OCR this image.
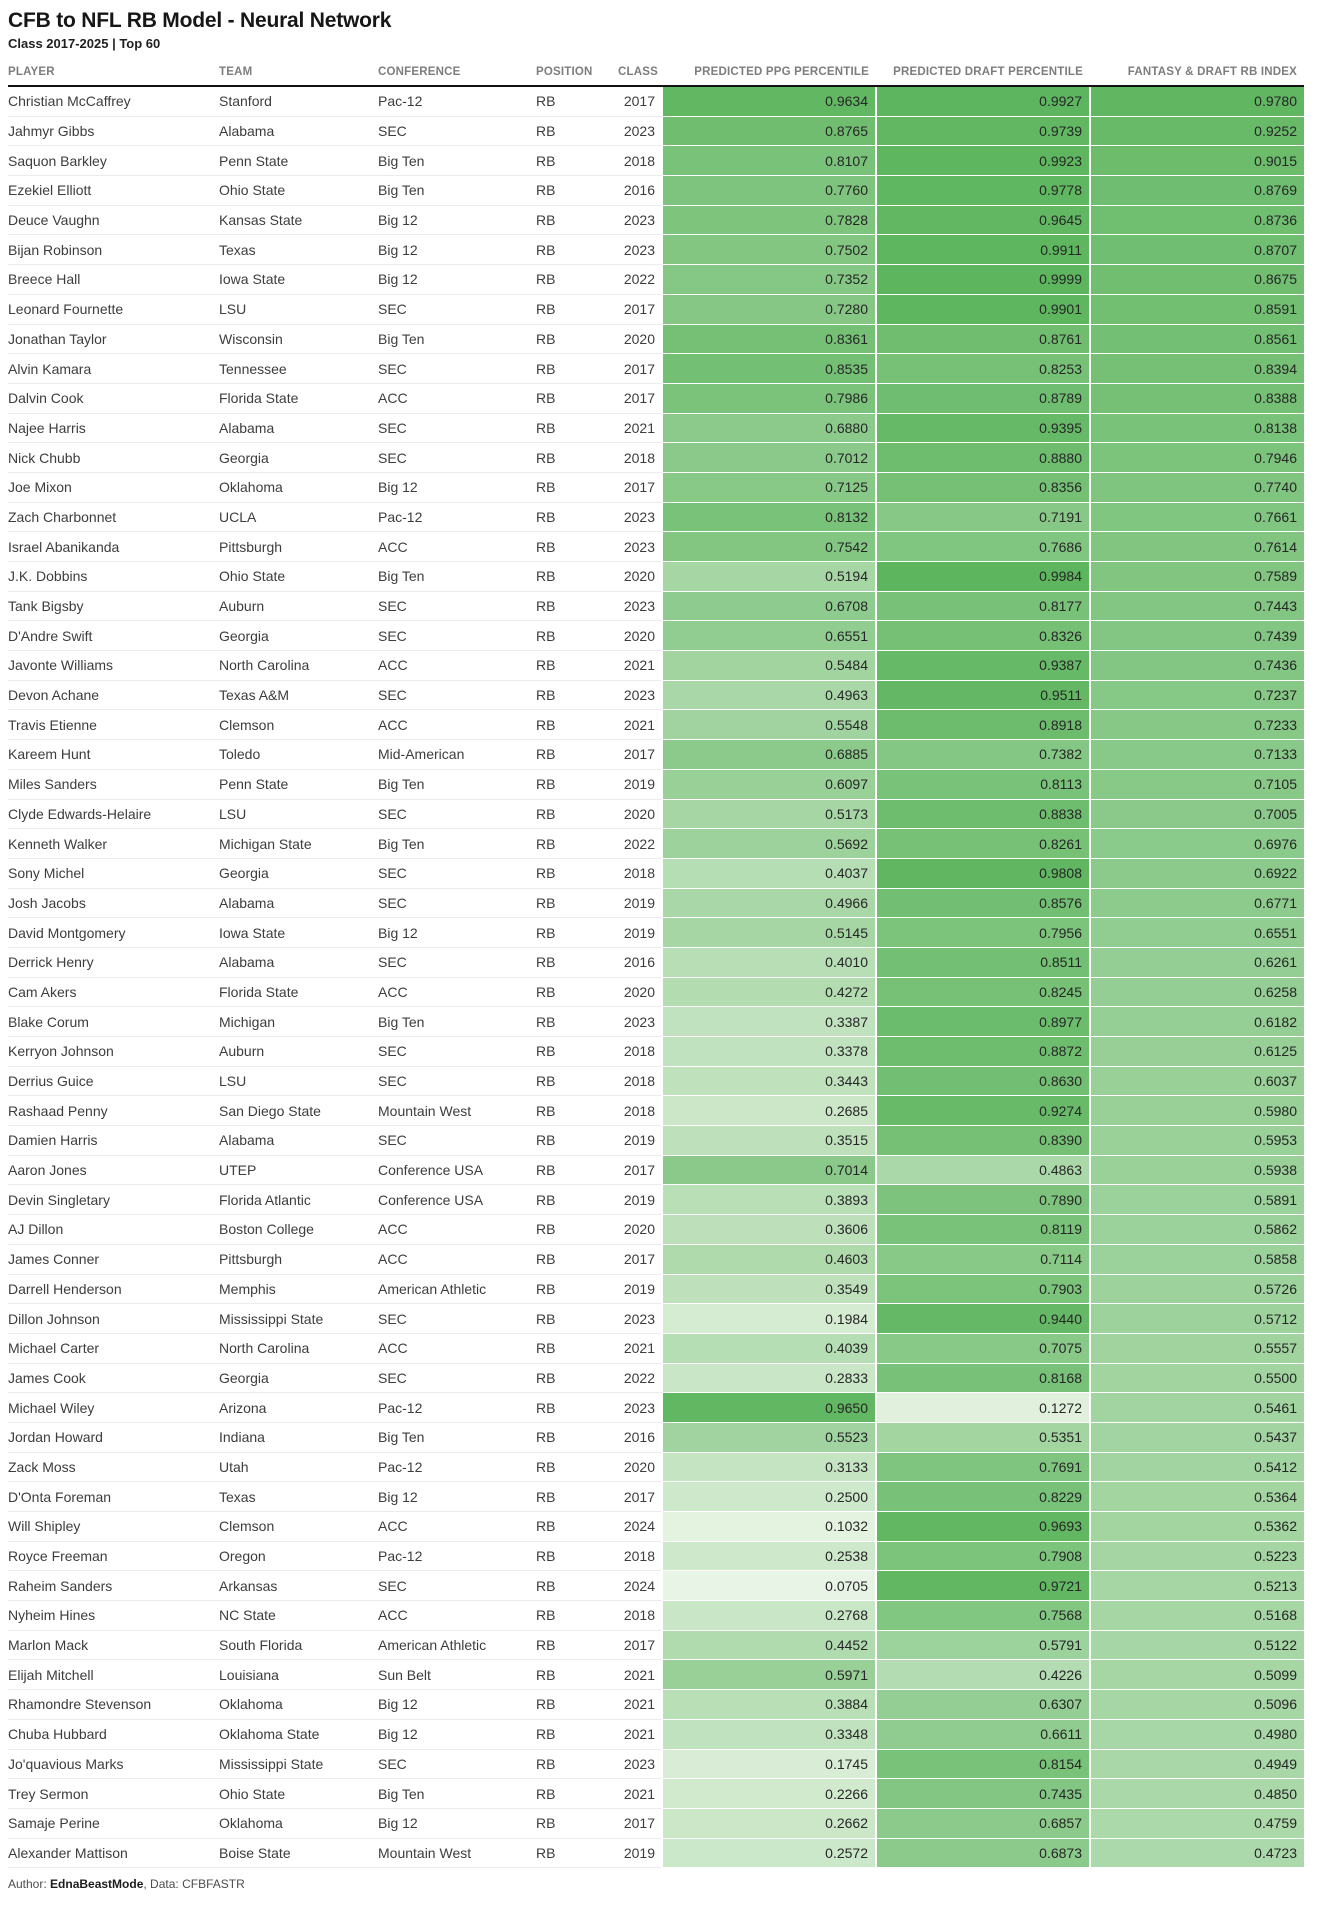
CFB to NFL RB Model - Neural Network
Class 2017-2025 | Top 60
PLAYER	TEAM	CONFERENCE	POSITION	CLASS	PREDICTED PPG PERCENTILE	PREDICTED DRAFT PERCENTILE	FANTASY & DRAFT RB INDEX
Christian McCaffrey	Stanford	Pac-12	RB	2017	0.9634	0.9927	0.9780
Jahmyr Gibbs	Alabama	SEC	RB	2023	0.8765	0.9739	0.9252
Saquon Barkley	Penn State	Big Ten	RB	2018	0.8107	0.9923	0.9015
Ezekiel Elliott	Ohio State	Big Ten	RB	2016	0.7760	0.9778	0.8769
Deuce Vaughn	Kansas State	Big 12	RB	2023	0.7828	0.9645	0.8736
Bijan Robinson	Texas	Big 12	RB	2023	0.7502	0.9911	0.8707
Breece Hall	Iowa State	Big 12	RB	2022	0.7352	0.9999	0.8675
Leonard Fournette	LSU	SEC	RB	2017	0.7280	0.9901	0.8591
Jonathan Taylor	Wisconsin	Big Ten	RB	2020	0.8361	0.8761	0.8561
Alvin Kamara	Tennessee	SEC	RB	2017	0.8535	0.8253	0.8394
Dalvin Cook	Florida State	ACC	RB	2017	0.7986	0.8789	0.8388
Najee Harris	Alabama	SEC	RB	2021	0.6880	0.9395	0.8138
Nick Chubb	Georgia	SEC	RB	2018	0.7012	0.8880	0.7946
Joe Mixon	Oklahoma	Big 12	RB	2017	0.7125	0.8356	0.7740
Zach Charbonnet	UCLA	Pac-12	RB	2023	0.8132	0.7191	0.7661
Israel Abanikanda	Pittsburgh	ACC	RB	2023	0.7542	0.7686	0.7614
J.K. Dobbins	Ohio State	Big Ten	RB	2020	0.5194	0.9984	0.7589
Tank Bigsby	Auburn	SEC	RB	2023	0.6708	0.8177	0.7443
D'Andre Swift	Georgia	SEC	RB	2020	0.6551	0.8326	0.7439
Javonte Williams	North Carolina	ACC	RB	2021	0.5484	0.9387	0.7436
Devon Achane	Texas A&M	SEC	RB	2023	0.4963	0.9511	0.7237
Travis Etienne	Clemson	ACC	RB	2021	0.5548	0.8918	0.7233
Kareem Hunt	Toledo	Mid-American	RB	2017	0.6885	0.7382	0.7133
Miles Sanders	Penn State	Big Ten	RB	2019	0.6097	0.8113	0.7105
Clyde Edwards-Helaire	LSU	SEC	RB	2020	0.5173	0.8838	0.7005
Kenneth Walker	Michigan State	Big Ten	RB	2022	0.5692	0.8261	0.6976
Sony Michel	Georgia	SEC	RB	2018	0.4037	0.9808	0.6922
Josh Jacobs	Alabama	SEC	RB	2019	0.4966	0.8576	0.6771
David Montgomery	Iowa State	Big 12	RB	2019	0.5145	0.7956	0.6551
Derrick Henry	Alabama	SEC	RB	2016	0.4010	0.8511	0.6261
Cam Akers	Florida State	ACC	RB	2020	0.4272	0.8245	0.6258
Blake Corum	Michigan	Big Ten	RB	2023	0.3387	0.8977	0.6182
Kerryon Johnson	Auburn	SEC	RB	2018	0.3378	0.8872	0.6125
Derrius Guice	LSU	SEC	RB	2018	0.3443	0.8630	0.6037
Rashaad Penny	San Diego State	Mountain West	RB	2018	0.2685	0.9274	0.5980
Damien Harris	Alabama	SEC	RB	2019	0.3515	0.8390	0.5953
Aaron Jones	UTEP	Conference USA	RB	2017	0.7014	0.4863	0.5938
Devin Singletary	Florida Atlantic	Conference USA	RB	2019	0.3893	0.7890	0.5891
AJ Dillon	Boston College	ACC	RB	2020	0.3606	0.8119	0.5862
James Conner	Pittsburgh	ACC	RB	2017	0.4603	0.7114	0.5858
Darrell Henderson	Memphis	American Athletic	RB	2019	0.3549	0.7903	0.5726
Dillon Johnson	Mississippi State	SEC	RB	2023	0.1984	0.9440	0.5712
Michael Carter	North Carolina	ACC	RB	2021	0.4039	0.7075	0.5557
James Cook	Georgia	SEC	RB	2022	0.2833	0.8168	0.5500
Michael Wiley	Arizona	Pac-12	RB	2023	0.9650	0.1272	0.5461
Jordan Howard	Indiana	Big Ten	RB	2016	0.5523	0.5351	0.5437
Zack Moss	Utah	Pac-12	RB	2020	0.3133	0.7691	0.5412
D'Onta Foreman	Texas	Big 12	RB	2017	0.2500	0.8229	0.5364
Will Shipley	Clemson	ACC	RB	2024	0.1032	0.9693	0.5362
Royce Freeman	Oregon	Pac-12	RB	2018	0.2538	0.7908	0.5223
Raheim Sanders	Arkansas	SEC	RB	2024	0.0705	0.9721	0.5213
Nyheim Hines	NC State	ACC	RB	2018	0.2768	0.7568	0.5168
Marlon Mack	South Florida	American Athletic	RB	2017	0.4452	0.5791	0.5122
Elijah Mitchell	Louisiana	Sun Belt	RB	2021	0.5971	0.4226	0.5099
Rhamondre Stevenson	Oklahoma	Big 12	RB	2021	0.3884	0.6307	0.5096
Chuba Hubbard	Oklahoma State	Big 12	RB	2021	0.3348	0.6611	0.4980
Jo'quavious Marks	Mississippi State	SEC	RB	2023	0.1745	0.8154	0.4949
Trey Sermon	Ohio State	Big Ten	RB	2021	0.2266	0.7435	0.4850
Samaje Perine	Oklahoma	Big 12	RB	2017	0.2662	0.6857	0.4759
Alexander Mattison	Boise State	Mountain West	RB	2019	0.2572	0.6873	0.4723
Author: EdnaBeastMode, Data: CFBFASTR
